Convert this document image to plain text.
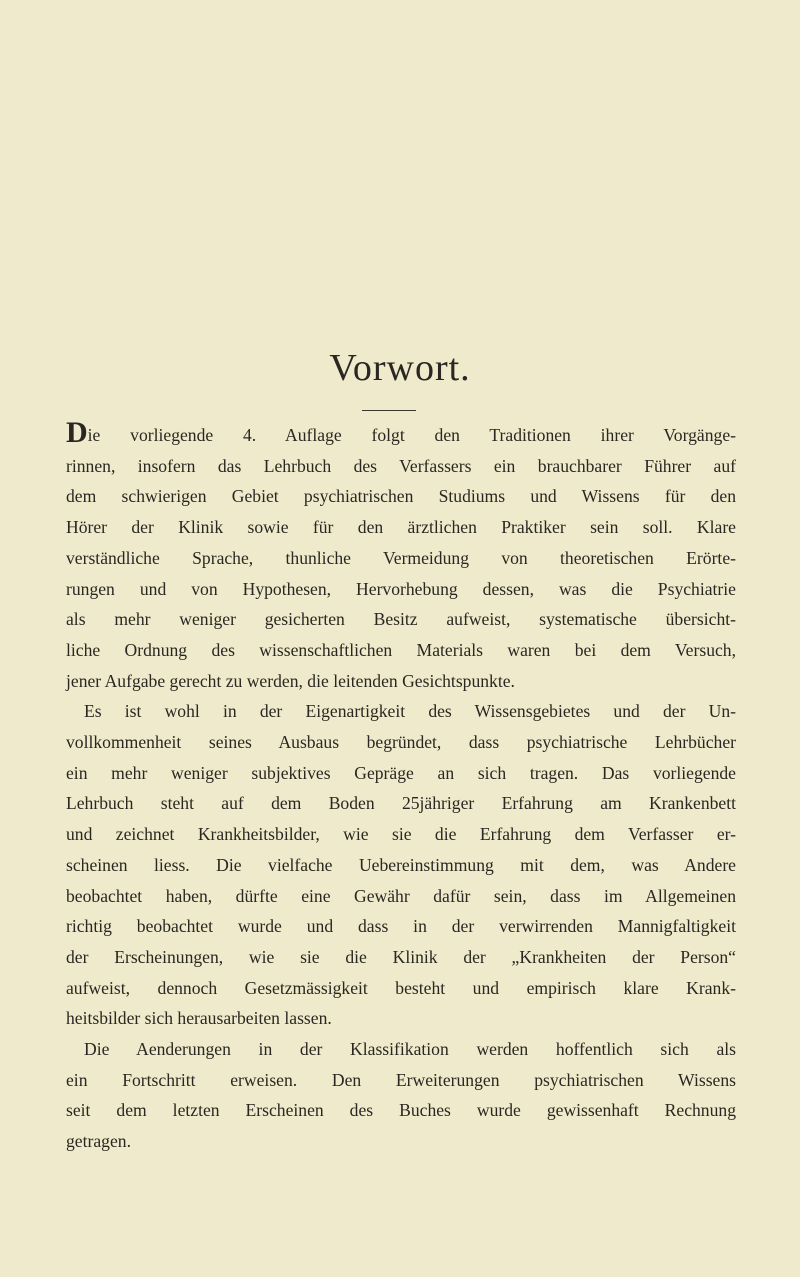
Vorwort.
Die vorliegende 4. Auflage folgt den Traditionen ihrer Vorgänge-
rinnen, insofern das Lehrbuch des Verfassers ein brauchbarer Führer auf
dem schwierigen Gebiet psychiatrischen Studiums und Wissens für den
Hörer der Klinik sowie für den ärztlichen Praktiker sein soll. Klare
verständliche Sprache, thunliche Vermeidung von theoretischen Erörte-
rungen und von Hypothesen, Hervorhebung dessen, was die Psychiatrie
als mehr weniger gesicherten Besitz aufweist, systematische übersicht-
liche Ordnung des wissenschaftlichen Materials waren bei dem Versuch,
jener Aufgabe gerecht zu werden, die leitenden Gesichtspunkte.
Es ist wohl in der Eigenartigkeit des Wissensgebietes und der Un-
vollkommenheit seines Ausbaus begründet, dass psychiatrische Lehrbücher
ein mehr weniger subjektives Gepräge an sich tragen. Das vorliegende
Lehrbuch steht auf dem Boden 25jähriger Erfahrung am Krankenbett
und zeichnet Krankheitsbilder, wie sie die Erfahrung dem Verfasser er-
scheinen liess. Die vielfache Uebereinstimmung mit dem, was Andere
beobachtet haben, dürfte eine Gewähr dafür sein, dass im Allgemeinen
richtig beobachtet wurde und dass in der verwirrenden Mannigfaltigkeit
der Erscheinungen, wie sie die Klinik der „Krankheiten der Person“
aufweist, dennoch Gesetzmässigkeit besteht und empirisch klare Krank-
heitsbilder sich herausarbeiten lassen.
Die Aenderungen in der Klassifikation werden hoffentlich sich als
ein Fortschritt erweisen. Den Erweiterungen psychiatrischen Wissens
seit dem letzten Erscheinen des Buches wurde gewissenhaft Rechnung
getragen.
